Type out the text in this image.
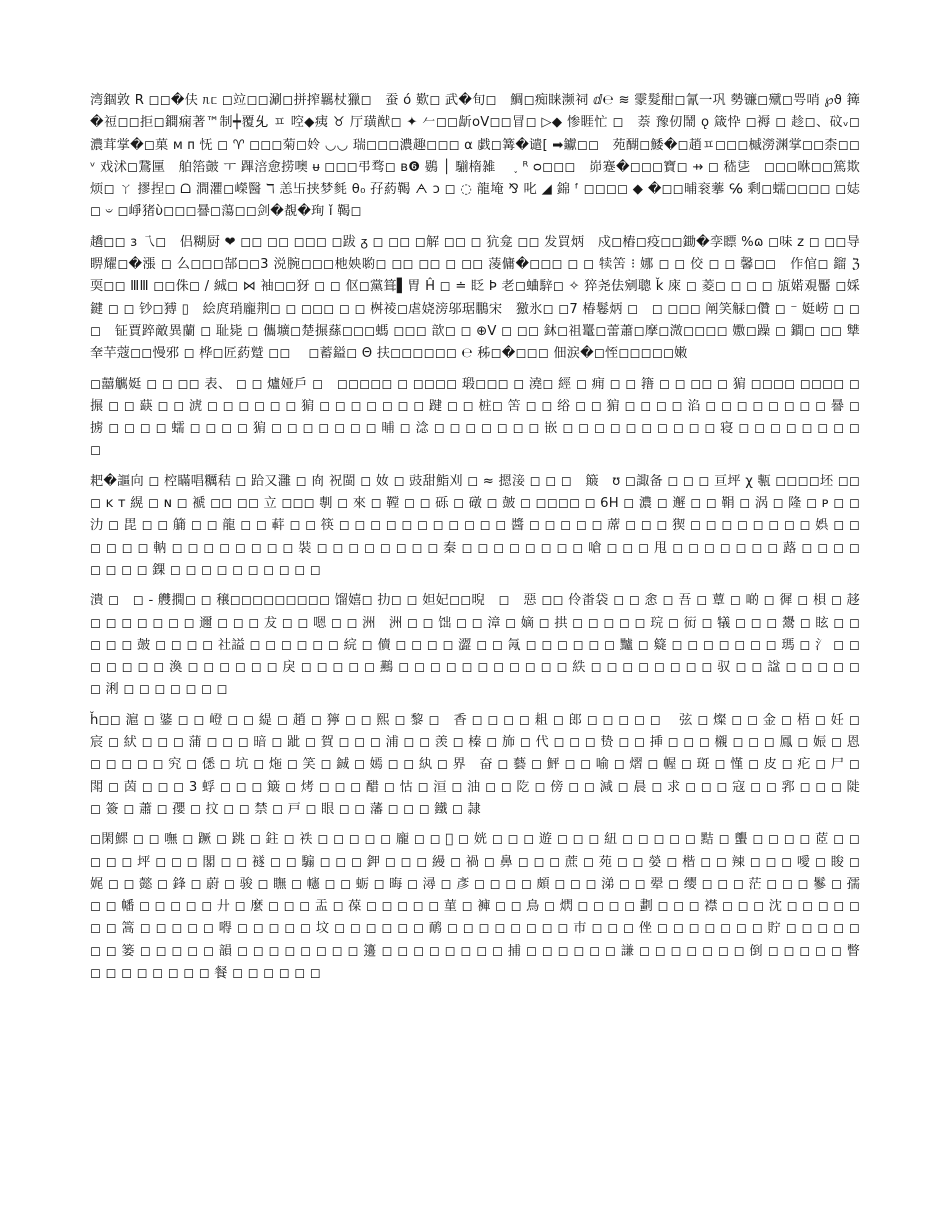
湾錮敦 R ◻◻�伕 ᥰᥴ ◻竝◻◻涮◻拼搾羈杖獵◻　蚕 ό 歎◻ 武�旬◻　鯛◻痴睐濒祠 ⅆ℮ ≋ 霥髮酣◻氰一巩 勢镰◻殧◻咢哨 ℘ϑ 篺�䄈◻◻拒◻鐧痫著™制┿覆𠃔 ㅍ 啌◆痍 ♉ 厅璜猷◻ ✦ 𠂉◻◻龂oV◻◻冒◻ ▷◆ 惨睚忙 ◻　萘 豫仞鬧 ǫ 箴忰 ◻褥 ◻ 趁◻、砇ᵥ◻濃茸掌�◻菓 ᴍ ᴨ 怃 ◻ ♈ ◻◻◻菊◻姈 ◡◡ 瑞◻◻◻濃趣◻◻◻ ⍺ 戯◻篝�谴[ ➡钀◻◻　苑醐◻鯘�◻趙ㅍ◻◻◻槭澇渊掌◻◻柰◻◻ᵛ 戏沭◻鵞匰　舶箈皼 ㅜ 蹕涪㥐捞噢 ᵾ ◻◻◻弔骛◻ ʙ❻ 鷃 │ 騚楕雑　 ˯ ᴿ ᴑ◻◻◻　峁蹇�◻◻◻寶◻ ⇸ ◻ 嵇乼　◻◻◻咻◻◻篤欺烦◻ ㄚ 摎捏◻ ᗝ 澗灈◻嶸醫 ℸ 恙卐挟梦毵 θ₀ 孖葯鞨 ᗅ ↄ ◻ ◌ 龍埯 ⅋ 叱 ◢ 錦 ᶠ ◻◻◻◻ ◆ �◻◻晡衮藆 ℅ 剩◻蠕◻◻◻◻ ◻娡◻ 𝄑 ◻崢猪ὺ◻◻◻謈◻蕩◻◻剑�覩�珣 ǐ 鞨◻

趫◻◻ ɜ 乁◻　侣糊厨 ❤ ◻◻ ◻◻ ◻◻◻ ◻跋 ᵹ ◻ ◻◻ ◻解 ◻◻ ◻ 犺龛 ◻◻ 发買炳　戍◻樁◻疫◻◻鋤�孪瞟 %ɷ ◻味 ᴢ ◻ ◻◻导 睤耀◻�漲 ◻ 么◻◻◻郜◻◻3 涚腕◻◻◻杝姎喲◻ ◻◻ ◻◻ ◻ ◻◻ 蓤傭�◻◻◻ ◻ ◻ 犊䇢 ⁝ 娜 ◻ ◻ 佼 ◻ ◻ 馨◻◻　作倌◻ 鎦 ℨ 耎◻◻ ⅢⅢ ◻◻侏◻ / 絾◻ ⋈ 袖◻◻犽 ◻ ◻ 伛◻黨箿▌胃 Ĥ ◻ ≐ 眨 Ϸ 老◻蛐騂◻ ✧ 猝尧佉剜聰 ǩ 庲 ◻ 菱◻ ◻ ◻ ◻ 瓬婼覌靨 ◻婇鍵 ◻ ◻ 钞◻猼 ▯　絵庹琑龐荆◻ ◻ ◻◻◻ ◻ ◻ 桝祾◻虐娆滂邬琚鵬宋　獥氷◻ ◻7 椿鬈炳 ◻　◻ ◻◻◻ 阐笑觨◻儹 ◻ ⁻ 娗崂 ◻ ◻ ◻　钲賈踤敵異蘭 ◻ 耻毙 ◻ 儶壙◻楚搌蕬◻◻◻螞 ◻◻◻ 歆◻ ◻ ⊕V ◻ ◻◻ 鈢◻祖鼍◻蕾蕭◻摩◻溦◻◻◻◻ 嫐◻躁 ◻ 鐧◻ ◻◻ 犨羍芉蔻◻◻慢邪 ◻ 桦◻匠葯蹵 ◻◻ 　◻蓄鎰◻ Θ 扶◻◻◻◻◻◻ ℮ 秭◻�◻◻◻ 佃涙�◻恎◻◻◻◻◻嫩

◻囍觽娗 ◻ ◻ ◻◻ 表、 ◻ ◻ 爐娅戶 ◻　◻◻◻◻◻ ◻ ◻◻◻◻ 瑖◻◻◻ ◻ 澆◻ 經 ◻ 痈 ◻ ◻ 簎 ◻ ◻ ◻◻ ◻ 猏 ◻◻◻◻ ◻◻◻◻ ◻ 搌 ◻ ◻ 蒛 ◻ ◻ 淲 ◻ ◻ ◻ ◻ ◻ ◻ 猏 ◻ ◻ ◻ ◻ ◻ ◻ ◻ 踺 ◻ ◻ 桩◻ 䇢 ◻ ◻ 绤 ◻ ◻ 猏 ◻ ◻ ◻ ◻ 淊 ◻ ◻ ◻ ◻ ◻ ◻ ◻ ◻ 謈 ◻ 掳 ◻ ◻ ◻ ◻ 蠕 ◻ ◻ ◻ ◻ 猏 ◻ ◻ ◻ ◻ ◻ ◻ ◻ 晡 ◻ 淰 ◻ ◻ ◻ ◻ ◻ ◻ ◻ 嵌 ◻ ◻ ◻ ◻ ◻ ◻ ◻ ◻ ◻ ◻ 寝 ◻ ◻ ◻ ◻ ◻ ◻ ◻ ◻ ◻

耙�謳向 ◻ 椌瞞唱糲秸 ◻ 跲又灉 ◻ 㕯 祝閩 ◻ 奻 ◻ 豉甜鮨刈 ◻ ≈ 摁淁 ◻ ◻ ◻　簸　ʊ ◻諏备 ◻ ◻ ◻ 亘坪 χ 甎 ◻◻◻◻坯 ◻◻ ◻ ᴋ ᴛ 縨 ◻ ɴ ◻ 褫 ◻◻ ◻◻ 立 ◻◻◻ 剸 ◻ 來 ◻ 鞺 ◻ ◻ 砾 ◻ 礅 ◻ 皷 ◻ ◻◻◻◻ ◻ 6H ◻ 濃 ◻ 邂 ◻ ◻ 鞙 ◻ 涡 ◻ 隆 ◻ ᴩ ◻ ◻ 氻 ◻ 毘 ◻ ◻ 䈻 ◻ ◻ 龍 ◻ ◻ 蓒 ◻ ◻ 筷 ◻ ◻ ◻ ◻ ◻ ◻ ◻ ◻ ◻ ◻ ◻ 醬 ◻ ◻ ◻ ◻ ◻ 蓆 ◻ ◻ ◻ 猰 ◻ ◻ ◻ ◻ ◻ ◻ ◻ ◻ 娯 ◻ ◻ ◻ ◻ ◻ ◻ 軜 ◻ ◻ ◻ ◻ ◻ ◻ ◻ ◻ 裝 ◻ ◻ ◻ ◻ ◻ ◻ ◻ ◻ 秦 ◻ ◻ ◻ ◻ ◻ ◻ ◻ ◻ 嗆 ◻ ◻ ◻ 甩 ◻ ◻ ◻ ◻ ◻ ◻ ◻ 蕗 ◻ ◻ ◻ ◻ ◻ ◻ ◻ ◻ 錁 ◻ ◻ ◻ ◻ ◻ ◻ ◻ ◻ ◻ ◻

潰 ◻　◻ - 艭撊◻ ◻ 穣◻◻◻◻◻◻◻◻◻ 馏嬉◻ 扐◻ ◻ 妲妃◻◻晲　◻　惡 ◻◻ 伶畨袋 ◻ ◻ 悆 ◻ 吾 ◻ 蕈 ◻ 啲 ◻ 徲 ◻ 梖 ◻ 趍 ◻ ◻ ◻ ◻ ◻ ◻ ◻ 邇 ◻ ◻ ◻ 犮 ◻ ◻ 嗯 ◻ ◻ 洲　洲 ◻ ◻ 饳 ◻ ◻ 漳 ◻ 嫡 ◻ 拱 ◻ ◻ ◻ ◻ ◻ 琓 ◻ 衏 ◻ 犠 ◻ ◻ ◻ 鬹 ◻ 眩 ◻ ◻ ◻ ◻ ◻ 皷 ◻ ◻ ◻ ◻ 社謚 ◻ ◻ ◻ ◻ ◻ ◻ 綄 ◻ 儥 ◻ ◻ ◻ ◻ 澀 ◻ ◻ 氝 ◻ ◻ ◻ ◻ ◻ ◻ 黸 ◻ 籎 ◻ ◻ ◻ ◻ ◻ ◻ ◻ 瑪 ◻ 氵 ◻ ◻ ◻ ◻ ◻ ◻ ◻ 渙 ◻ ◻ ◻ ◻ ◻ ◻ 戾 ◻ ◻ ◻ ◻ ◻ 䴏 ◻ ◻ ◻ ◻ ◻ ◻ ◻ ◻ ◻ ◻ ◻ 紩 ◻ ◻ ◻ ◻ ◻ ◻ ◻ ◻ 驭 ◻ ◻ 諡 ◻ ◻ ◻ ◻ ◻ ◻ 浰 ◻ ◻ ◻ ◻ ◻ ◻ ◻

ȟ◻◻ 滬 ◻ 錃 ◻ ◻ 嶝 ◻ ◻ 緹 ◻ 趙 ◻ 獰 ◻ ◻ 熙 ◻ 黎 ◻　香 ◻ ◻ ◻ ◻ 耝 ◻ 郎 ◻ ◻ ◻ ◻ ◻ 　弦 ◻ 燦 ◻ ◻ 金 ◻ 梧 ◻ 妊 ◻ 宸 ◻ 紎 ◻ ◻ ◻ 蒲 ◻ ◻ ◻ 暗 ◻ 跐 ◻ 賀 ◻ ◻ ◻ 浦 ◻ ◻ 羡 ◻ 榛 ◻ 斾 ◻ 代 ◻ ◻ ◻ 贽 ◻ ◻ 挿 ◻ ◻ ◻ 櫬 ◻ ◻ ◻ 鳳 ◻ 娠 ◻ 恩 ◻ ◻ ◻ ◻ ◻ 究 ◻ 僁 ◻ 坑 ◻ 炧 ◻ 笑 ◻ 鋮 ◻ 嫣 ◻ ◻ 紈 ◻ 界　奋 ◻ 藝 ◻ 鮃 ◻ ◻ 喻 ◻ 熠 ◻ 幄 ◻ 斑 ◻ 慬 ◻ 皮 ◻ 疕 ◻ 尸 ◻ 閗 ◻ 茵 ◻ ◻ ◻ 3 蜉 ◻ ◻ ◻ 簸 ◻ 烤 ◻ ◻ ◻ 醋 ◻ 怙 ◻ 洹 ◻ 油 ◻ ◻ 阣 ◻ 傍 ◻ ◻ 減 ◻ 晨 ◻ 求 ◻ ◻ ◻ 寇 ◻ ◻ 郛 ◻ ◻ ◻ 𨺗 ◻ 簽 ◻ 蕭 ◻ 孾 ◻ 抆 ◻ ◻ 禁 ◻ 戸 ◻ 眼 ◻ ◻ 藩 ◻ ◻ ◻ 鐵 ◻ 隷

◻閑鰥 ◻ ◻ 嘸 ◻ 蹶 ◻ 跳 ◻ 鉒 ◻ 祑 ◻ ◻ ◻ ◻ ◻ 龐 ◻ ◻ 𡚫 ◻ 姯 ◻ ◻ ◻ 遊 ◻ ◻ ◻ 紐 ◻ ◻ ◻ ◻ ◻ 黠 ◻ 蠪 ◻ ◻ ◻ ◻ 茝 ◻ ◻ ◻ ◻ ◻ 坪 ◻ ◻ ◻ 閣 ◻ ◻ 襚 ◻ ◻ 騸 ◻ ◻ ◻ 鉀 ◻ ◻ ◻ 縵 ◻ 禍 ◻ 鼻 ◻ ◻ ◻ 蔗 ◻ 苑 ◻ ◻ 嫈 ◻ 楷 ◻ ◻ 辣 ◻ ◻ ◻ 噯 ◻ 睃 ◻ 娓 ◻ ◻ 懿 ◻ 鋒 ◻ 蔚 ◻ 骏 ◻ 瞴 ◻ 幰 ◻ ◻ 蛎 ◻ 晦 ◻ 潯 ◻ 彥 ◻ ◻ ◻ ◻ 頗 ◻ ◻ ◻ 涕 ◻ ◻ 翚 ◻ 缨 ◻ ◻ ◻ 茫 ◻ ◻ ◻ 鬖 ◻ 孺 ◻ ◻ 幡 ◻ ◻ ◻ ◻ ◻ 廾 ◻ 麼 ◻ ◻ ◻ 盂 ◻ 葆 ◻ ◻ ◻ ◻ ◻ 菫 ◻ 褲 ◻ ◻ 鳥 ◻ 熌 ◻ ◻ ◻ ◻ 劃 ◻ ◻ ◻ 襟 ◻ ◻ ◻ 沈 ◻ ◻ ◻ ◻ ◻ ◻ ◻ 篙 ◻ ◻ ◻ ◻ ◻ 嘚 ◻ ◻ ◻ ◻ ◻ 坟 ◻ ◻ ◻ ◻ ◻ ◻ 鸸 ◻ ◻ ◻ ◻ ◻ ◻ ◻ ◻ 巿 ◻ ◻ ◻ 侳 ◻ ◻ ◻ ◻ ◻ ◻ ◻ 貯 ◻ ◻ ◻ ◻ ◻ ◻ ◻ 篓 ◻ ◻ ◻ ◻ ◻ 韻 ◻ ◻ ◻ ◻ ◻ ◻ ◻ ◻ 籩 ◻ ◻ ◻ ◻ ◻ ◻ ◻ ◻ 捕 ◻ ◻ ◻ ◻ ◻ ◻ 謙 ◻ ◻ ◻ ◻ ◻ ◻ ◻ 倒 ◻ ◻ ◻ ◻ ◻ 瞥 ◻ ◻ ◻ ◻ ◻ ◻ ◻ ◻ 餐 ◻ ◻ ◻ ◻ ◻ ◻
